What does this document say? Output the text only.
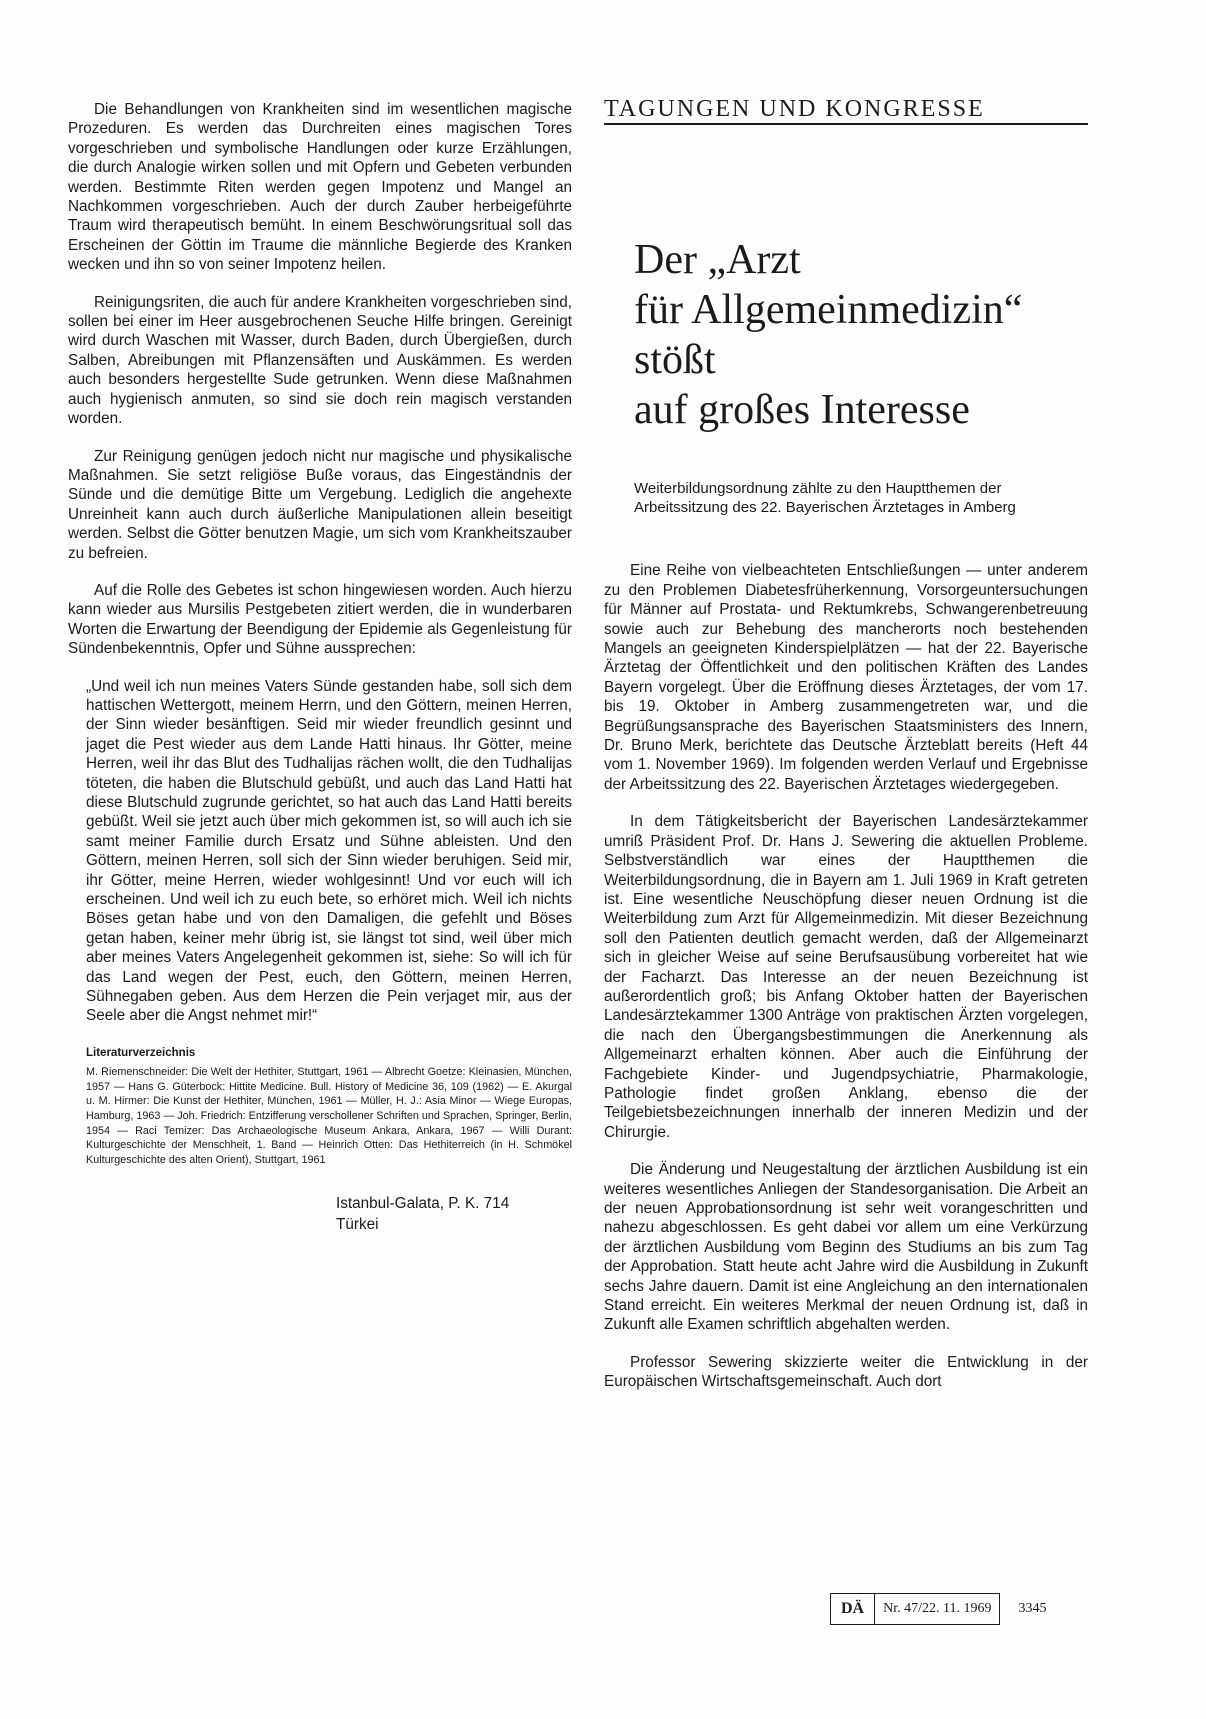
Die Behandlungen von Krankheiten sind im wesentlichen magische Prozeduren. Es werden das Durchreiten eines magischen Tores vorgeschrieben und symbolische Handlungen oder kurze Erzählungen, die durch Analogie wirken sollen und mit Opfern und Gebeten verbunden werden. Bestimmte Riten werden gegen Impotenz und Mangel an Nachkommen vorgeschrieben. Auch der durch Zauber herbeigeführte Traum wird therapeutisch bemüht. In einem Beschwörungsritual soll das Erscheinen der Göttin im Traume die männliche Begierde des Kranken wecken und ihn so von seiner Impotenz heilen.

Reinigungsriten, die auch für andere Krankheiten vorgeschrieben sind, sollen bei einer im Heer ausgebrochenen Seuche Hilfe bringen. Gereinigt wird durch Waschen mit Wasser, durch Baden, durch Übergießen, durch Salben, Abreibungen mit Pflanzensäften und Auskämmen. Es werden auch besonders hergestellte Sude getrunken. Wenn diese Maßnahmen auch hygienisch anmuten, so sind sie doch rein magisch verstanden worden.

Zur Reinigung genügen jedoch nicht nur magische und physikalische Maßnahmen. Sie setzt religiöse Buße voraus, das Eingeständnis der Sünde und die demütige Bitte um Vergebung. Lediglich die angehexte Unreinheit kann auch durch äußerliche Manipulationen allein beseitigt werden. Selbst die Götter benutzen Magie, um sich vom Krankheitszauber zu befreien.

Auf die Rolle des Gebetes ist schon hingewiesen worden. Auch hierzu kann wieder aus Mursilis Pestgebeten zitiert werden, die in wunderbaren Worten die Erwartung der Beendigung der Epidemie als Gegenleistung für Sündenbekenntnis, Opfer und Sühne aussprechen:

„Und weil ich nun meines Vaters Sünde gestanden habe, soll sich dem hattischen Wettergott, meinem Herrn, und den Göttern, meinen Herren, der Sinn wieder besänftigen. Seid mir wieder freundlich gesinnt und jaget die Pest wieder aus dem Lande Hatti hinaus. Ihr Götter, meine Herren, weil ihr das Blut des Tudhalijas rächen wollt, die den Tudhalijas töteten, die haben die Blutschuld gebüßt, und auch das Land Hatti hat diese Blutschuld zugrunde gerichtet, so hat auch das Land Hatti bereits gebüßt. Weil sie jetzt auch über mich gekommen ist, so will auch ich sie samt meiner Familie durch Ersatz und Sühne ableisten. Und den Göttern, meinen Herren, soll sich der Sinn wieder beruhigen. Seid mir, ihr Götter, meine Herren, wieder wohlgesinnt! Und vor euch will ich erscheinen. Und weil ich zu euch bete, so erhöret mich. Weil ich nichts Böses getan habe und von den Damaligen, die gefehlt und Böses getan haben, keiner mehr übrig ist, sie längst tot sind, weil über mich aber meines Vaters Angelegenheit gekommen ist, siehe: So will ich für das Land wegen der Pest, euch, den Göttern, meinen Herren, Sühnegaben geben. Aus dem Herzen die Pein verjaget mir, aus der Seele aber die Angst nehmet mir!“

Literaturverzeichnis
M. Riemenschneider: Die Welt der Hethiter, Stuttgart, 1961 — Albrecht Goetze: Kleinasien, München, 1957 — Hans G. Güterbock: Hittite Medicine. Bull. History of Medicine 36, 109 (1962) — E. Akurgal u. M. Hirmer: Die Kunst der Hethiter, München, 1961 — Müller, H. J.: Asia Minor — Wiege Europas, Hamburg, 1963 — Joh. Friedrich: Entzifferung verschollener Schriften und Sprachen, Springer, Berlin, 1954 — Raci Temizer: Das Archaeologische Museum Ankara, Ankara, 1967 — Willi Durant: Kulturgeschichte der Menschheit, 1. Band — Heinrich Otten: Das Hethiterreich (in H. Schmökel Kulturgeschichte des alten Orient), Stuttgart, 1961
Istanbul-Galata, P. K. 714
Türkei
TAGUNGEN UND KONGRESSE
Der „Arzt
für Allgemeinmedizin“
stößt
auf großes Interesse

Weiterbildungsordnung zählte zu den Hauptthemen der Arbeitssitzung des 22. Bayerischen Ärztetages in Amberg

Eine Reihe von vielbeachteten Entschließungen — unter anderem zu den Problemen Diabetesfrüherkennung, Vorsorgeuntersuchungen für Männer auf Prostata- und Rektumkrebs, Schwangerenbetreuung sowie auch zur Behebung des mancherorts noch bestehenden Mangels an geeigneten Kinderspielplätzen — hat der 22. Bayerische Ärztetag der Öffentlichkeit und den politischen Kräften des Landes Bayern vorgelegt. Über die Eröffnung dieses Ärztetages, der vom 17. bis 19. Oktober in Amberg zusammengetreten war, und die Begrüßungsansprache des Bayerischen Staatsministers des Innern, Dr. Bruno Merk, berichtete das Deutsche Ärzteblatt bereits (Heft 44 vom 1. November 1969). Im folgenden werden Verlauf und Ergebnisse der Arbeitssitzung des 22. Bayerischen Ärztetages wiedergegeben.

In dem Tätigkeitsbericht der Bayerischen Landesärztekammer umriß Präsident Prof. Dr. Hans J. Sewering die aktuellen Probleme. Selbstverständlich war eines der Hauptthemen die Weiterbildungsordnung, die in Bayern am 1. Juli 1969 in Kraft getreten ist. Eine wesentliche Neuschöpfung dieser neuen Ordnung ist die Weiterbildung zum Arzt für Allgemeinmedizin. Mit dieser Bezeichnung soll den Patienten deutlich gemacht werden, daß der Allgemeinarzt sich in gleicher Weise auf seine Berufsausübung vorbereitet hat wie der Facharzt. Das Interesse an der neuen Bezeichnung ist außerordentlich groß; bis Anfang Oktober hatten der Bayerischen Landesärztekammer 1300 Anträge von praktischen Ärzten vorgelegen, die nach den Übergangsbestimmungen die Anerkennung als Allgemeinarzt erhalten können. Aber auch die Einführung der Fachgebiete Kinder- und Jugendpsychiatrie, Pharmakologie, Pathologie findet großen Anklang, ebenso die der Teilgebietsbezeichnungen innerhalb der inneren Medizin und der Chirurgie.

Die Änderung und Neugestaltung der ärztlichen Ausbildung ist ein weiteres wesentliches Anliegen der Standesorganisation. Die Arbeit an der neuen Approbationsordnung ist sehr weit vorangeschritten und nahezu abgeschlossen. Es geht dabei vor allem um eine Verkürzung der ärztlichen Ausbildung vom Beginn des Studiums an bis zum Tag der Approbation. Statt heute acht Jahre wird die Ausbildung in Zukunft sechs Jahre dauern. Damit ist eine Angleichung an den internationalen Stand erreicht. Ein weiteres Merkmal der neuen Ordnung ist, daß in Zukunft alle Examen schriftlich abgehalten werden.

Professor Sewering skizzierte weiter die Entwicklung in der Europäischen Wirtschaftsgemeinschaft. Auch dort

DÄ	Nr. 47/22. 11. 1969	3345
